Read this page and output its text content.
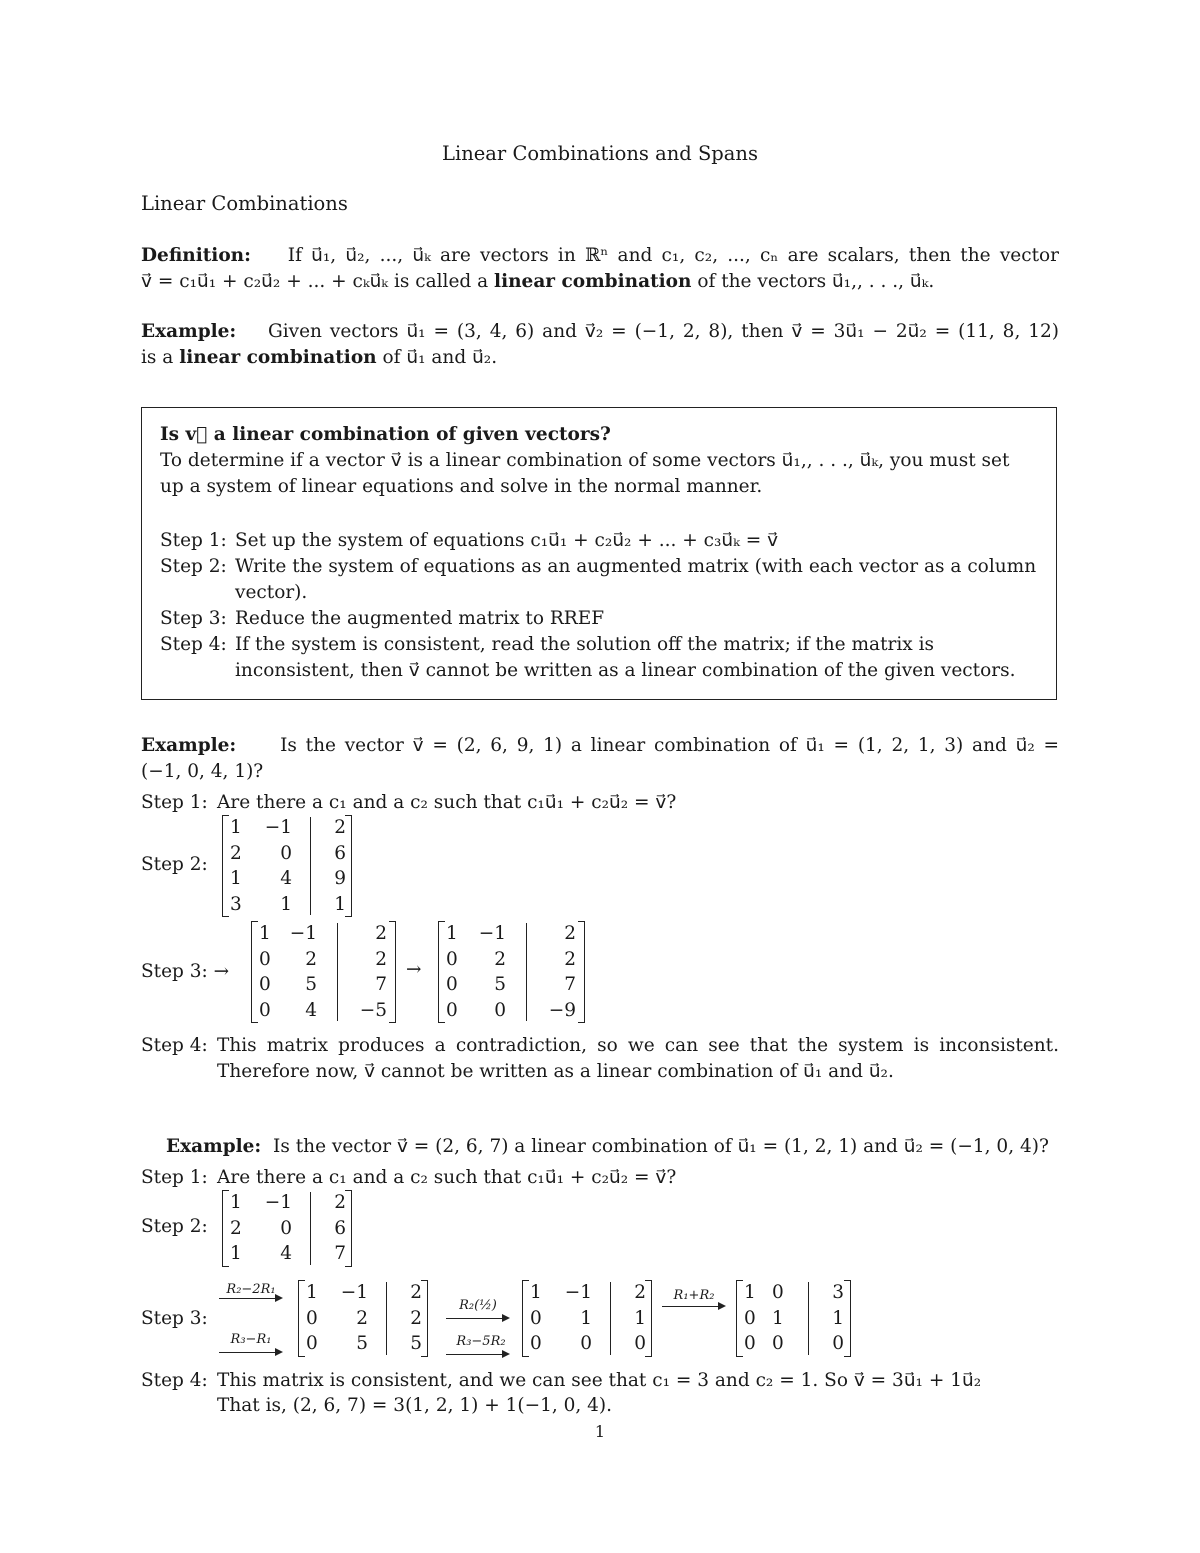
Linear Combinations and Spans
Linear Combinations
Definition: If u⃗₁, u⃗₂, ..., u⃗ₖ are vectors in ℝⁿ and c₁, c₂, ..., cₙ are scalars, then the vector
v⃗ = c₁u⃗₁ + c₂u⃗₂ + ... + cₖu⃗ₖ is called a linear combination of the vectors u⃗₁,, . . ., u⃗ₖ.
Example: Given vectors u⃗₁ = (3, 4, 6) and v⃗₂ = (−1, 2, 8), then v⃗ = 3u⃗₁ − 2u⃗₂ = (11, 8, 12)
is a linear combination of u⃗₁ and u⃗₂.
Is v⃗ a linear combination of given vectors?
To determine if a vector v⃗ is a linear combination of some vectors u⃗₁,, . . ., u⃗ₖ, you must set
up a system of linear equations and solve in the normal manner.
Step 1: Set up the system of equations c₁u⃗₁ + c₂u⃗₂ + ... + c₃u⃗ₖ = v⃗
Step 2: Write the system of equations as an augmented matrix (with each vector as a column vector).
Step 3: Reduce the augmented matrix to RREF
Step 4: If the system is consistent, read the solution off the matrix; if the matrix is inconsistent, then v⃗ cannot be written as a linear combination of the given vectors.
Example: Is the vector v⃗ = (2, 6, 9, 1) a linear combination of u⃗₁ = (1, 2, 1, 3) and u⃗₂ =
(−1, 0, 4, 1)?
Step 1: Are there a c₁ and a c₂ such that c₁u⃗₁ + c₂u⃗₂ = v⃗?
Step 2:
1	−1	2
2	0	6
1	4	9
3	1	1
Step 3: →
1 −1	2
0	2	2
0	5	7
0	4	−5
→
1 −1	2
0	2	2
0	5	7
0	0	−9
Step 4: This matrix produces a contradiction, so we can see that the system is inconsistent. Therefore now, v⃗ cannot be written as a linear combination of u⃗₁ and u⃗₂.
Example: Is the vector v⃗ = (2, 6, 7) a linear combination of u⃗₁ = (1, 2, 1) and u⃗₂ = (−1, 0, 4)?
Step 1: Are there a c₁ and a c₂ such that c₁u⃗₁ + c₂u⃗₂ = v⃗?
Step 2:
1	−1	2
2	0	6
1	4	7
Step 3:
R₂−2R₁
R₃−R₁
1	−1	2
0	2	2
0	5	5
R₂(½)
R₃−5R₂
1	−1	2
0	1	1
0	0	0
R₁+R₂	1 0	3
0 1	1
0 0	0
Step 4: This matrix is consistent, and we can see that c₁ = 3 and c₂ = 1. So v⃗ = 3u⃗₁ + 1u⃗₂
That is, (2, 6, 7) = 3(1, 2, 1) + 1(−1, 0, 4).
1
